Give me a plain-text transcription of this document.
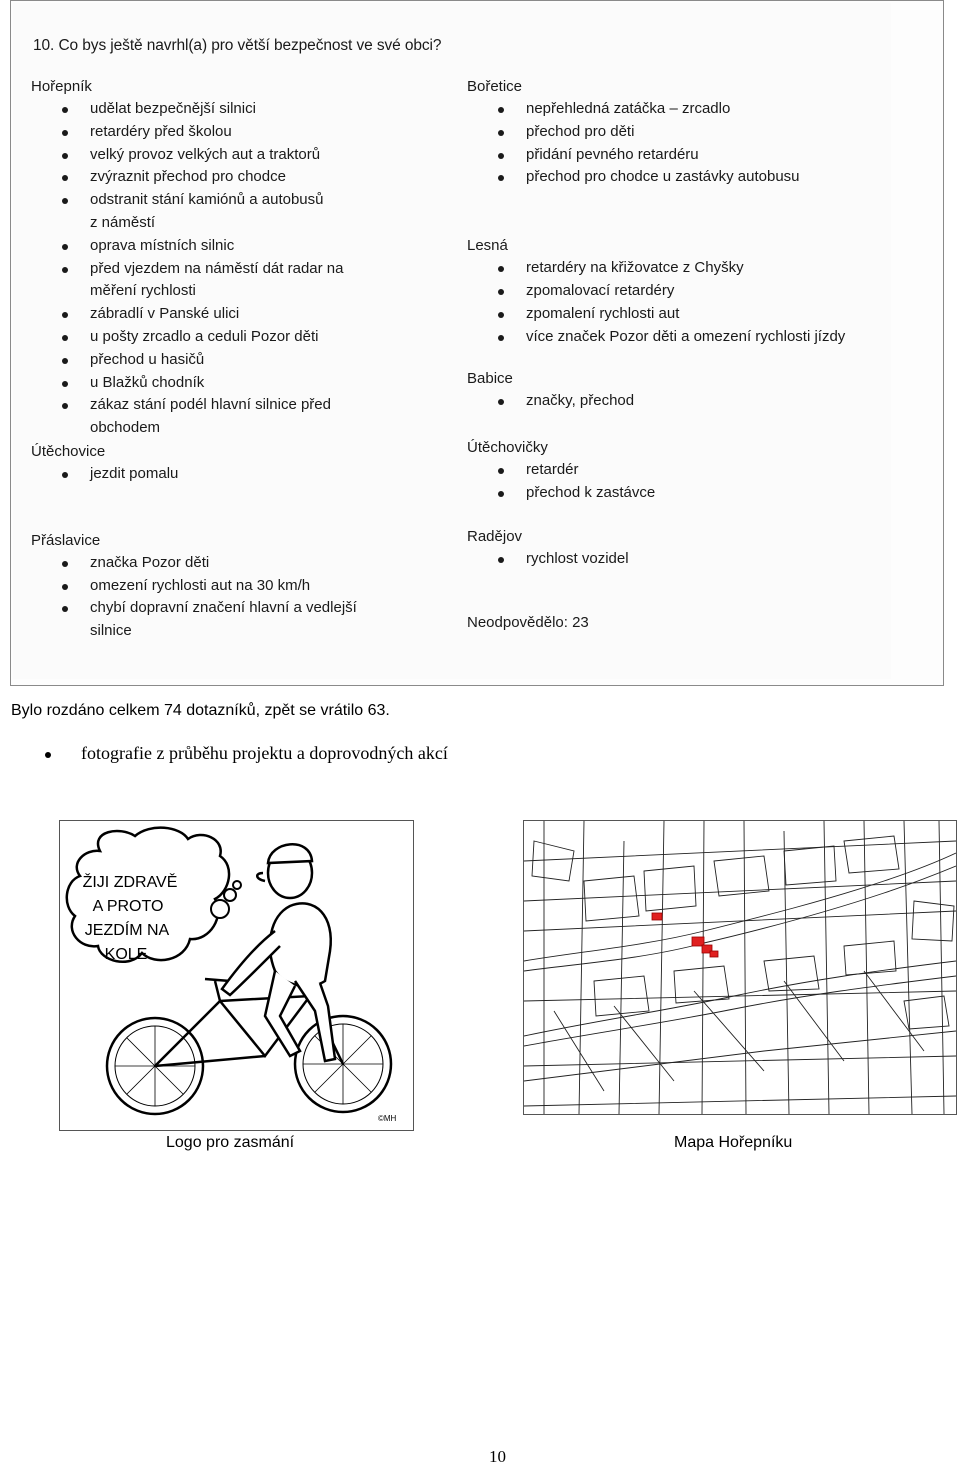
10. Co bys ještě navrhl(a) pro větší bezpečnost ve své obci?
Hořepník
udělat bezpečnější silnici
retardéry před školou
velký provoz velkých aut a traktorů
zvýraznit přechod pro chodce
odstranit stání kamiónů a autobusů
z náměstí
oprava místních silnic
před vjezdem na náměstí dát radar na
měření rychlosti
zábradlí v Panské ulici
u pošty zrcadlo a ceduli Pozor děti
přechod u hasičů
u Blažků chodník
zákaz stání podél hlavní silnice před
obchodem
Útěchovice
jezdit pomalu
Přáslavice
značka Pozor děti
omezení rychlosti aut na 30 km/h
chybí dopravní značení hlavní a vedlejší
silnice
Bořetice
nepřehledná zatáčka – zrcadlo
přechod pro děti
přidání pevného retardéru
přechod pro chodce u zastávky autobusu
Lesná
retardéry na křižovatce z Chyšky
zpomalovací retardéry
zpomalení rychlosti aut
více značek Pozor děti a omezení rychlosti jízdy
Babice
značky, přechod
Útěchovičky
retardér
přechod k zastávce
Radějov
rychlost vozidel
Neodpovědělo: 23
Bylo rozdáno celkem 74 dotazníků, zpět se vrátilo 63.
fotografie z průběhu projektu a doprovodných akcí
ŽIJI ZDRAVĚ
A PROTO
JEZDÍM NA
KOLE
©MH
Logo pro zasmání	Mapa Hořepníku
10
